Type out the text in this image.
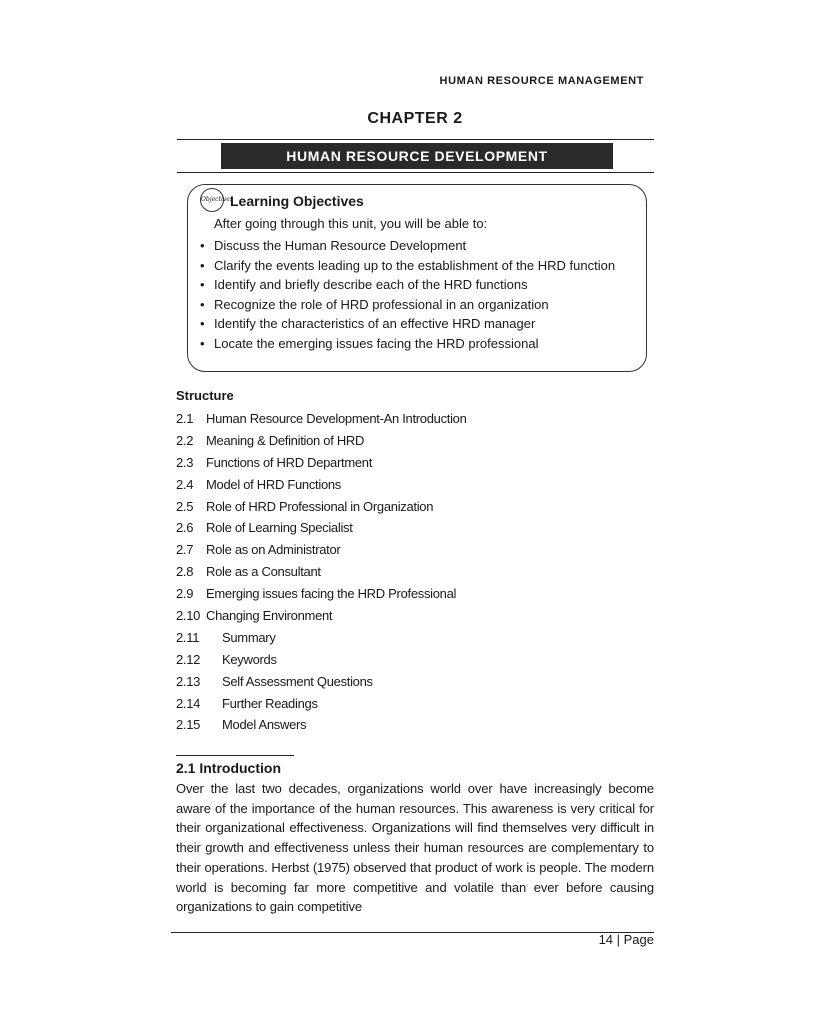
HUMAN RESOURCE MANAGEMENT
CHAPTER 2
HUMAN RESOURCE DEVELOPMENT
Objectives
Learning Objectives
After going through this unit, you will be able to:
• Discuss the Human Resource Development
• Clarify the events leading up to the establishment of the HRD function
• Identify and briefly describe each of the HRD functions
• Recognize the role of HRD professional in an organization
• Identify the characteristics of an effective HRD manager
• Locate the emerging issues facing the HRD professional
Structure
2.1 Human Resource Development-An Introduction
2.2 Meaning & Definition of HRD
2.3 Functions of HRD Department
2.4 Model of HRD Functions
2.5 Role of HRD Professional in Organization
2.6 Role of Learning Specialist
2.7 Role as on Administrator
2.8 Role as a Consultant
2.9 Emerging issues facing the HRD Professional
2.10 Changing Environment
2.11 Summary
2.12 Keywords
2.13 Self Assessment Questions
2.14 Further Readings
2.15 Model Answers
2.1 Introduction

Over the last two decades, organizations world over have increasingly become aware of the importance of the human resources. This awareness is very critical for their organizational effectiveness. Organizations will find themselves very difficult in their growth and effectiveness unless their human resources are complementary to their operations. Herbst (1975) observed that product of work is people. The modern world is becoming far more competitive and volatile than ever before causing organizations to gain competitive

14 | Page
